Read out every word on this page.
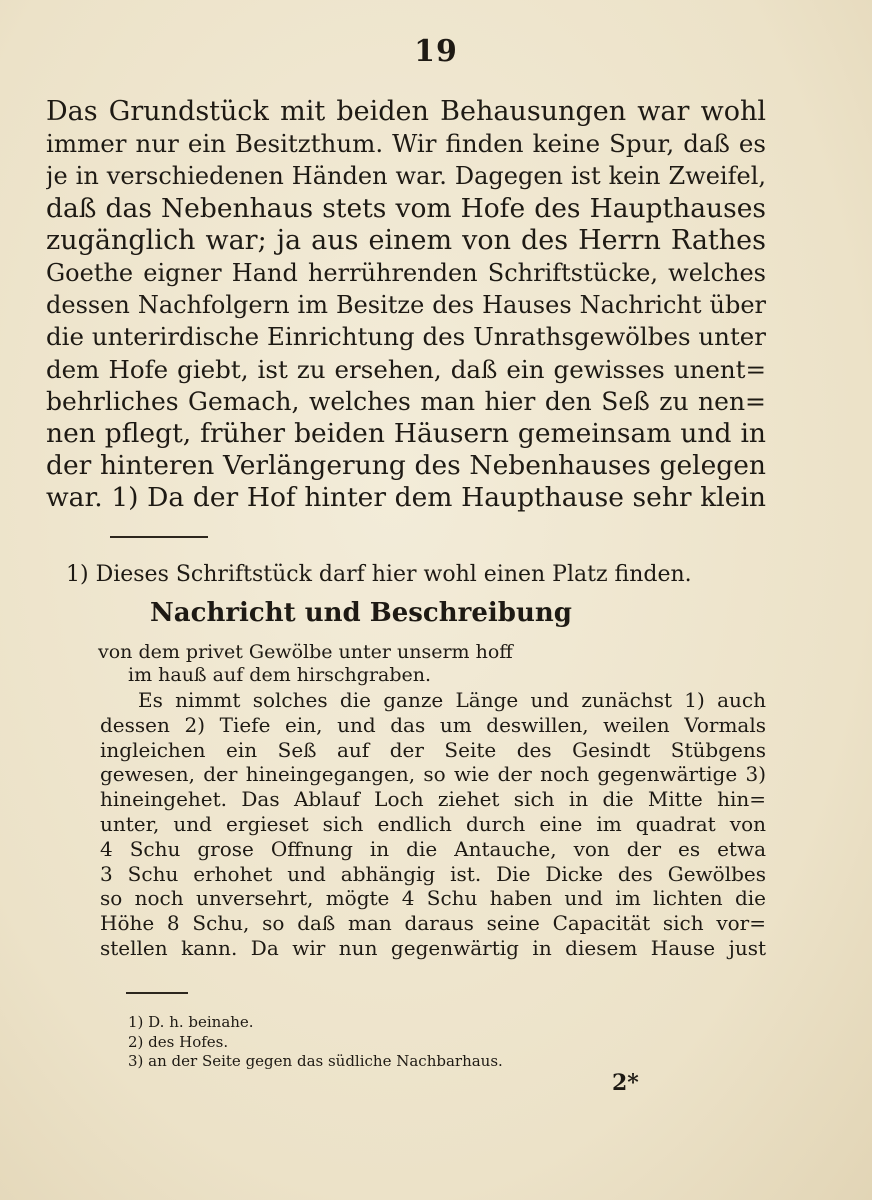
19
Das Grundstück mit beiden Behausungen war wohl
immer nur ein Besitzthum. Wir finden keine Spur, daß es
je in verschiedenen Händen war. Dagegen ist kein Zweifel,
daß das Nebenhaus stets vom Hofe des Haupthauses
zugänglich war; ja aus einem von des Herrn Rathes
Goethe eigner Hand herrührenden Schriftstücke, welches
dessen Nachfolgern im Besitze des Hauses Nachricht über
die unterirdische Einrichtung des Unrathsgewölbes unter
dem Hofe giebt, ist zu ersehen, daß ein gewisses unent=
behrliches Gemach, welches man hier den Seß zu nen=
nen pflegt, früher beiden Häusern gemeinsam und in
der hinteren Verlängerung des Nebenhauses gelegen
war. 1) Da der Hof hinter dem Haupthause sehr klein
1) Dieses Schriftstück darf hier wohl einen Platz finden.
Nachricht und Beschreibung
von dem privet Gewölbe unter unserm hoff
im hauß auf dem hirschgraben.
Es nimmt solches die ganze Länge und zunächst 1) auch
dessen 2) Tiefe ein, und das um deswillen, weilen Vormals
ingleichen ein Seß auf der Seite des Gesindt Stübgens
gewesen, der hineingegangen, so wie der noch gegenwärtige 3)
hineingehet. Das Ablauf Loch ziehet sich in die Mitte hin=
unter, und ergieset sich endlich durch eine im quadrat von
4 Schu grose Offnung in die Antauche, von der es etwa
3 Schu erhohet und abhängig ist. Die Dicke des Gewölbes
so noch unversehrt, mögte 4 Schu haben und im lichten die
Höhe 8 Schu, so daß man daraus seine Capacität sich vor=
stellen kann. Da wir nun gegenwärtig in diesem Hause just
1) D. h. beinahe.
2) des Hofes.
3) an der Seite gegen das südliche Nachbarhaus.
2*
